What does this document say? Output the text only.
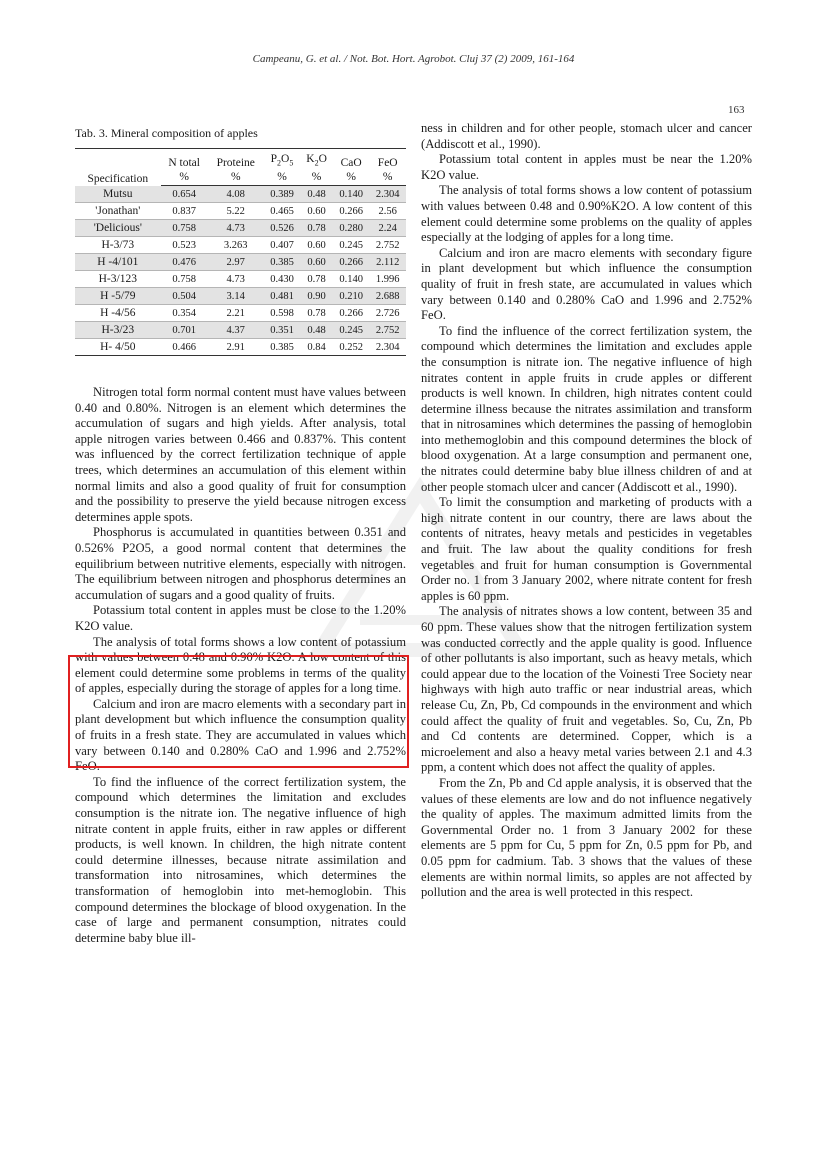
Campeanu, G. et al. / Not. Bot. Hort. Agrobot. Cluj 37 (2) 2009, 161-164
163
Tab. 3. Mineral composition of apples
Specification	N total	Proteine	$P_2O_5$	$K_2O$	CaO	FeO
	%	%	%	%	%	%
Mutsu	0.654	4.08	0.389	0.48	0.140	2.304
'Jonathan'	0.837	5.22	0.465	0.60	0.266	2.56
'Delicious'	0.758	4.73	0.526	0.78	0.280	2.24
H-3/73	0.523	3.263	0.407	0.60	0.245	2.752
H -4/101	0.476	2.97	0.385	0.60	0.266	2.112
H-3/123	0.758	4.73	0.430	0.78	0.140	1.996
H -5/79	0.504	3.14	0.481	0.90	0.210	2.688
H -4/56	0.354	2.21	0.598	0.78	0.266	2.726
H-3/23	0.701	4.37	0.351	0.48	0.245	2.752
H- 4/50	0.466	2.91	0.385	0.84	0.252	2.304

Nitrogen total form normal content must have values between 0.40 and 0.80%. Nitrogen is an element which determines the accumulation of sugars and high yields. After analysis, total apple nitrogen varies between 0.466 and 0.837%. This content was influenced by the correct fertilization technique of apple trees, which determines an accumulation of this element within normal limits and also a good quality of fruit for consumption and the possibility to preserve the yield because nitrogen excess determines apple spots.

Phosphorus is accumulated in quantities between 0.351 and 0.526% P2O5, a good normal content that determines the equilibrium between nutritive elements, especially with nitrogen. The equilibrium between nitrogen and phosphorus determines an accumulation of sugars and a good quality of fruits.

Potassium total content in apples must be close to the 1.20% K2O value.

The analysis of total forms shows a low content of potassium with values between 0.48 and 0.90% K2O. A low content of this element could determine some problems in terms of the quality of apples, especially during the storage of apples for a long time.

Calcium and iron are macro elements with a secondary part in plant development but which influence the consumption quality of fruits in a fresh state. They are accumulated in values which vary between 0.140 and 0.280% CaO and 1.996 and 2.752% FeO.

To find the influence of the correct fertilization system, the compound which determines the limitation and excludes consumption is the nitrate ion. The negative influence of high nitrate content in apple fruits, either in raw apples or different products, is well known. In children, the high nitrate content could determine illnesses, because nitrate assimilation and transformation into nitrosamines, which determines the transformation of hemoglobin into met-hemoglobin. This compound determines the blockage of blood oxygenation. In the case of large and permanent consumption, nitrates could determine baby blue ill-

ness in children and for other people, stomach ulcer and cancer (Addiscott et al., 1990).

Potassium total content in apples must be near the 1.20% K2O value.

The analysis of total forms shows a low content of potassium with values between 0.48 and 0.90%K2O. A low content of this element could determine some problems on the quality of apples especially at the lodging of apples for a long time.

Calcium and iron are macro elements with secondary figure in plant development but which influence the consumption quality of fruit in fresh state, are accumulated in values which vary between 0.140 and 0.280% CaO and 1.996 and 2.752% FeO.

To find the influence of the correct fertilization system, the compound which determines the limitation and excludes apple the consumption is nitrate ion. The negative influence of high nitrates content in apple fruits in crude apples or different products is well known. In children, high nitrates content could determine illness because the nitrates assimilation and transform that in nitrosamines which determines the passing of hemoglobin into methemoglobin and this compound determines the block of blood oxygenation. At a large consumption and permanent one, the nitrates could determine baby blue illness children of and at other people stomach ulcer and cancer (Addiscott et al., 1990).

To limit the consumption and marketing of products with a high nitrate content in our country, there are laws about the contents of nitrates, heavy metals and pesticides in vegetables and fruit. The law about the quality conditions for fresh vegetables and fruit for human consumption is Governmental Order no. 1 from 3 January 2002, where nitrate content for fresh apples is 60 ppm.

The analysis of nitrates shows a low content, between 35 and 60 ppm. These values show that the nitrogen fertilization system was conducted correctly and the apple quality is good. Influence of other pollutants is also important, such as heavy metals, which could appear due to the location of the Voinesti Tree Society near highways with high auto traffic or near industrial areas, which release Cu, Zn, Pb, Cd compounds in the environment and which could affect the quality of fruit and vegetables. So, Cu, Zn, Pb and Cd contents are determined. Copper, which is a microelement and also a heavy metal varies between 2.1 and 4.3 ppm, a content which does not affect the quality of apples.

From the Zn, Pb and Cd apple analysis, it is observed that the values of these elements are low and do not influence negatively the quality of apples. The maximum admitted limits from the Governmental Order no. 1 from 3 January 2002 for these elements are 5 ppm for Cu, 5 ppm for Zn, 0.5 ppm for Pb, and 0.05 ppm for cadmium. Tab. 3 shows that the values of these elements are within normal limits, so apples are not affected by pollution and the area is well protected in this respect.
